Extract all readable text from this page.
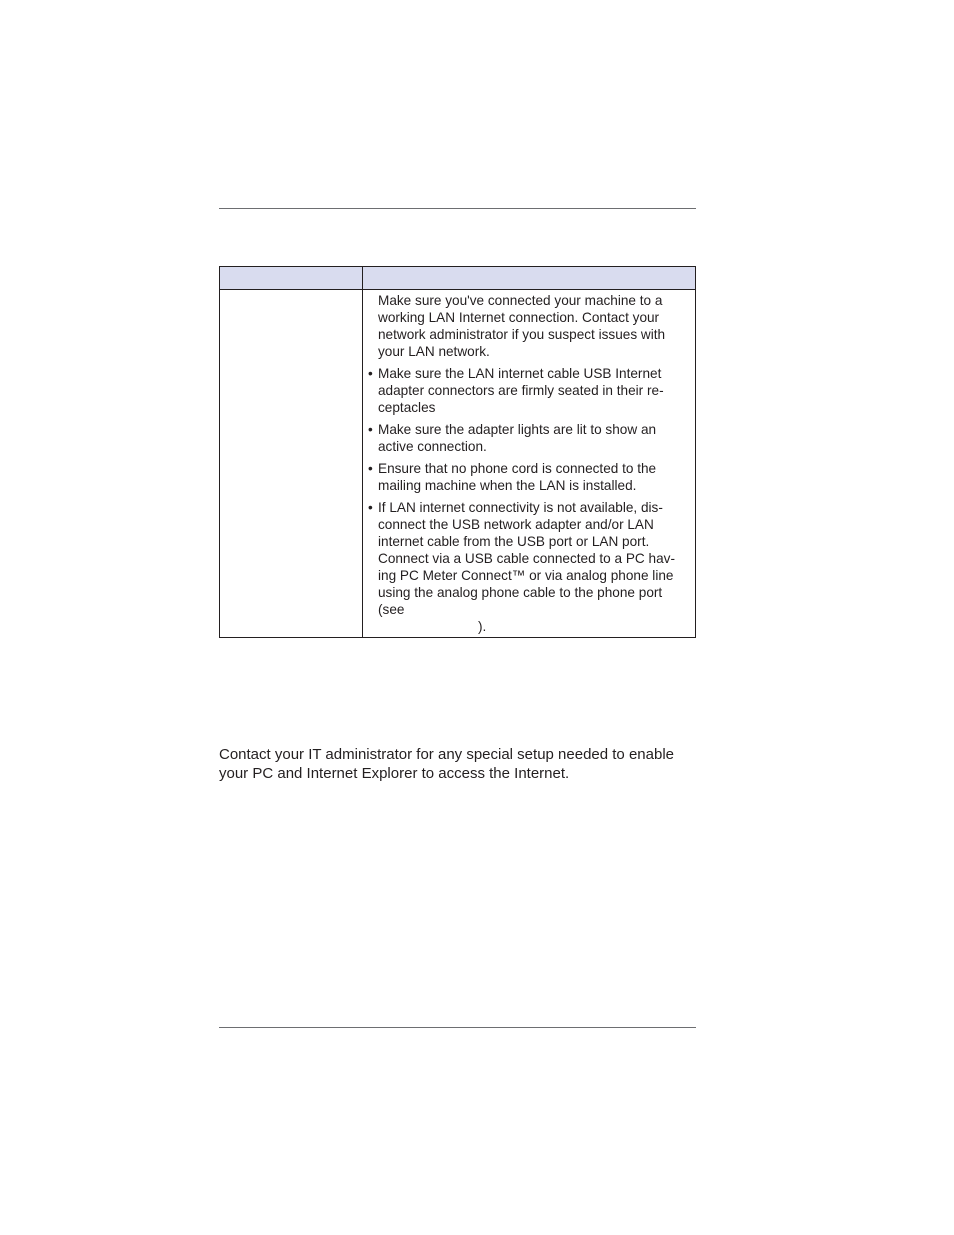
Make sure you've connected your machine to a working LAN Internet connection. Contact your network administrator if you suspect issues with your LAN network.
• Make sure the LAN internet cable USB Internet adapter connectors are firmly seated in their re-ceptacles
• Make sure the adapter lights are lit to show an active connection.
• Ensure that no phone cord is connected to the mailing machine when the LAN is installed.
• If LAN internet connectivity is not available, dis-connect the USB network adapter and/or LAN internet cable from the USB port or LAN port. Connect via a USB cable connected to a PC hav-ing PC Meter Connect™ or via analog phone line using the analog phone cable to the phone port (see
).

Contact your IT administrator for any special setup needed to enable your PC and Internet Explorer to access the Internet.
